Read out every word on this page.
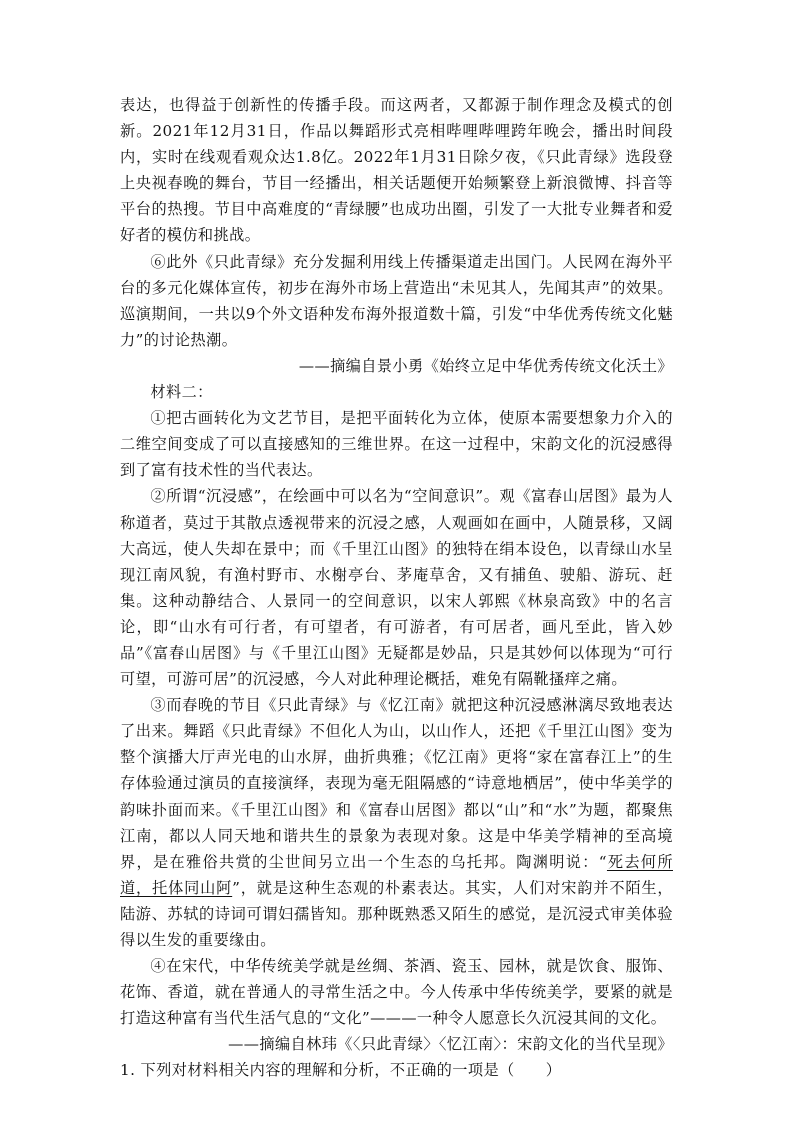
表达，也得益于创新性的传播手段。而这两者，又都源于制作理念及模式的创新。2021年12月31日，作品以舞蹈形式亮相哔哩哔哩跨年晚会，播出时间段内，实时在线观看观众达1.8亿。2022年1月31日除夕夜，《只此青绿》选段登上央视春晚的舞台，节目一经播出，相关话题便开始频繁登上新浪微博、抖音等平台的热搜。节目中高难度的“青绿腰”也成功出圈，引发了一大批专业舞者和爱好者的模仿和挑战。

⑥此外《只此青绿》充分发掘利用线上传播渠道走出国门。人民网在海外平台的多元化媒体宣传，初步在海外市场上营造出“未见其人，先闻其声”的效果。巡演期间，一共以9个外文语种发布海外报道数十篇，引发“中华优秀传统文化魅力”的讨论热潮。

——摘编自景小勇《始终立足中华优秀传统文化沃土》

材料二：

①把古画转化为文艺节目，是把平面转化为立体，使原本需要想象力介入的二维空间变成了可以直接感知的三维世界。在这一过程中，宋韵文化的沉浸感得到了富有技术性的当代表达。

②所谓“沉浸感”，在绘画中可以名为“空间意识”。观《富春山居图》最为人称道者，莫过于其散点透视带来的沉浸之感，人观画如在画中，人随景移，又阔大高远，使人失却在景中；而《千里江山图》的独特在绢本设色，以青绿山水呈现江南风貌，有渔村野市、水榭亭台、茅庵草舍，又有捕鱼、驶船、游玩、赶集。这种动静结合、人景同一的空间意识，以宋人郭熙《林泉高致》中的名言论，即“山水有可行者，有可望者，有可游者，有可居者，画凡至此，皆入妙品”《富春山居图》与《千里江山图》无疑都是妙品，只是其妙何以体现为“可行可望，可游可居”的沉浸感，今人对此种理论概括，难免有隔靴搔痒之痛。

③而春晚的节目《只此青绿》与《忆江南》就把这种沉浸感淋漓尽致地表达了出来。舞蹈《只此青绿》不但化人为山，以山作人，还把《千里江山图》变为整个演播大厅声光电的山水屏，曲折典雅；《忆江南》更将“家在富春江上”的生存体验通过演员的直接演绎，表现为毫无阻隔感的“诗意地栖居”，使中华美学的韵味扑面而来。《千里江山图》和《富春山居图》都以“山”和“水”为题，都聚焦江南，都以人同天地和谐共生的景象为表现对象。这是中华美学精神的至高境界，是在雅俗共赏的尘世间另立出一个生态的乌托邦。陶渊明说：“死去何所道，托体同山阿”，就是这种生态观的朴素表达。其实，人们对宋韵并不陌生，陆游、苏轼的诗词可谓妇孺皆知。那种既熟悉又陌生的感觉，是沉浸式审美体验得以生发的重要缘由。

④在宋代，中华传统美学就是丝绸、茶酒、瓷玉、园林，就是饮食、服饰、花饰、香道，就在普通人的寻常生活之中。今人传承中华传统美学，要紧的就是打造这种富有当代生活气息的“文化”———一种令人愿意长久沉浸其间的文化。

——摘编自林玮《〈只此青绿〉〈忆江南〉：宋韵文化的当代呈现》

1. 下列对材料相关内容的理解和分析，不正确的一项是（　　）
